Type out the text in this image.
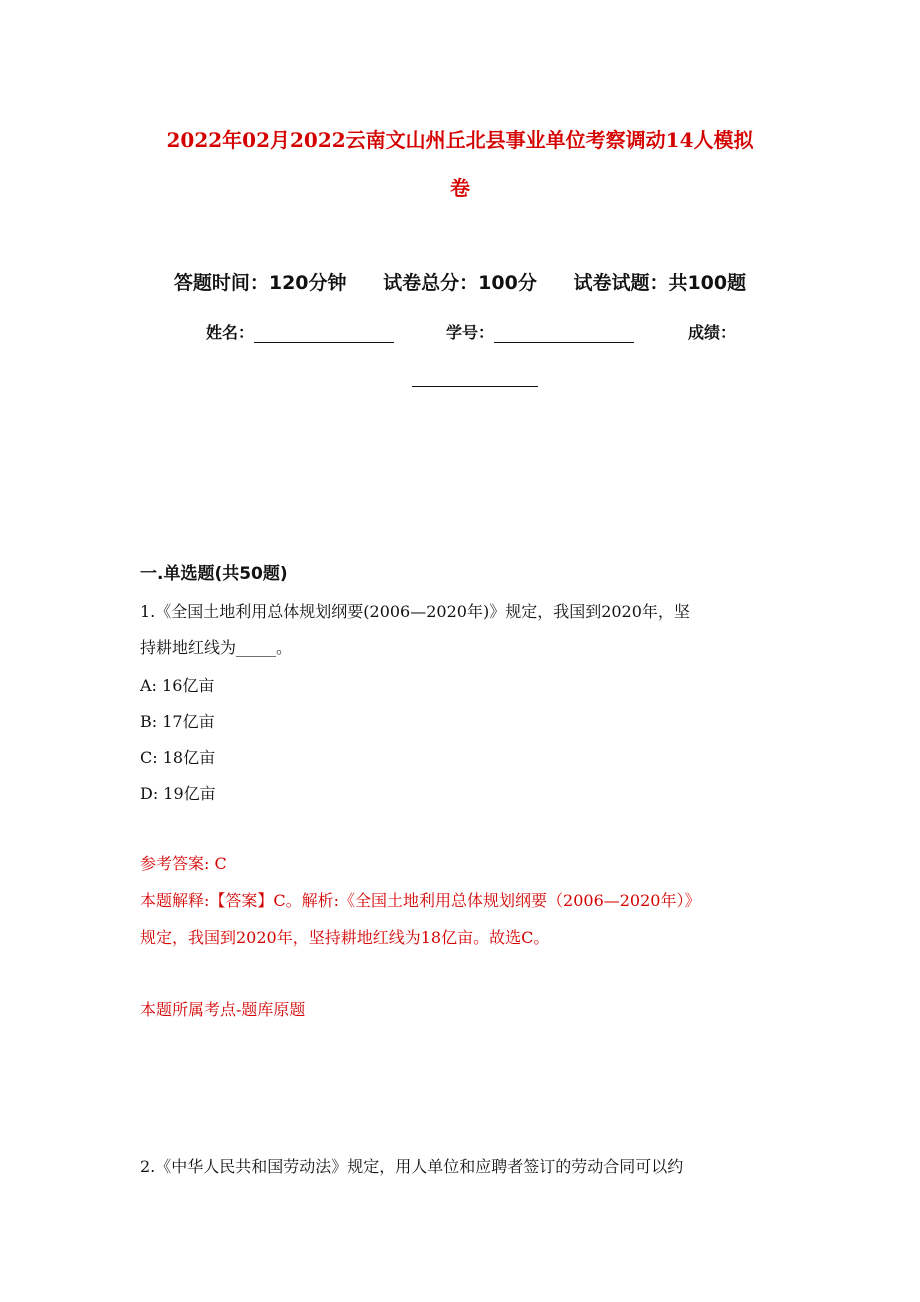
2022年02月2022云南文山州丘北县事业单位考察调动14人模拟
卷
答题时间：120分钟 试卷总分：100分 试卷试题：共100题
姓名：	学号：	成绩：
一.单选题(共50题)
1.《全国土地利用总体规划纲要(2006—2020年)》规定，我国到2020年，坚
持耕地红线为_____。
A: 16亿亩
B: 17亿亩
C: 18亿亩
D: 19亿亩
参考答案: C
本题解释:【答案】C。解析:《全国土地利用总体规划纲要（2006—2020年）》
规定，我国到2020年，坚持耕地红线为18亿亩。故选C。
本题所属考点-题库原题
2.《中华人民共和国劳动法》规定，用人单位和应聘者签订的劳动合同可以约
